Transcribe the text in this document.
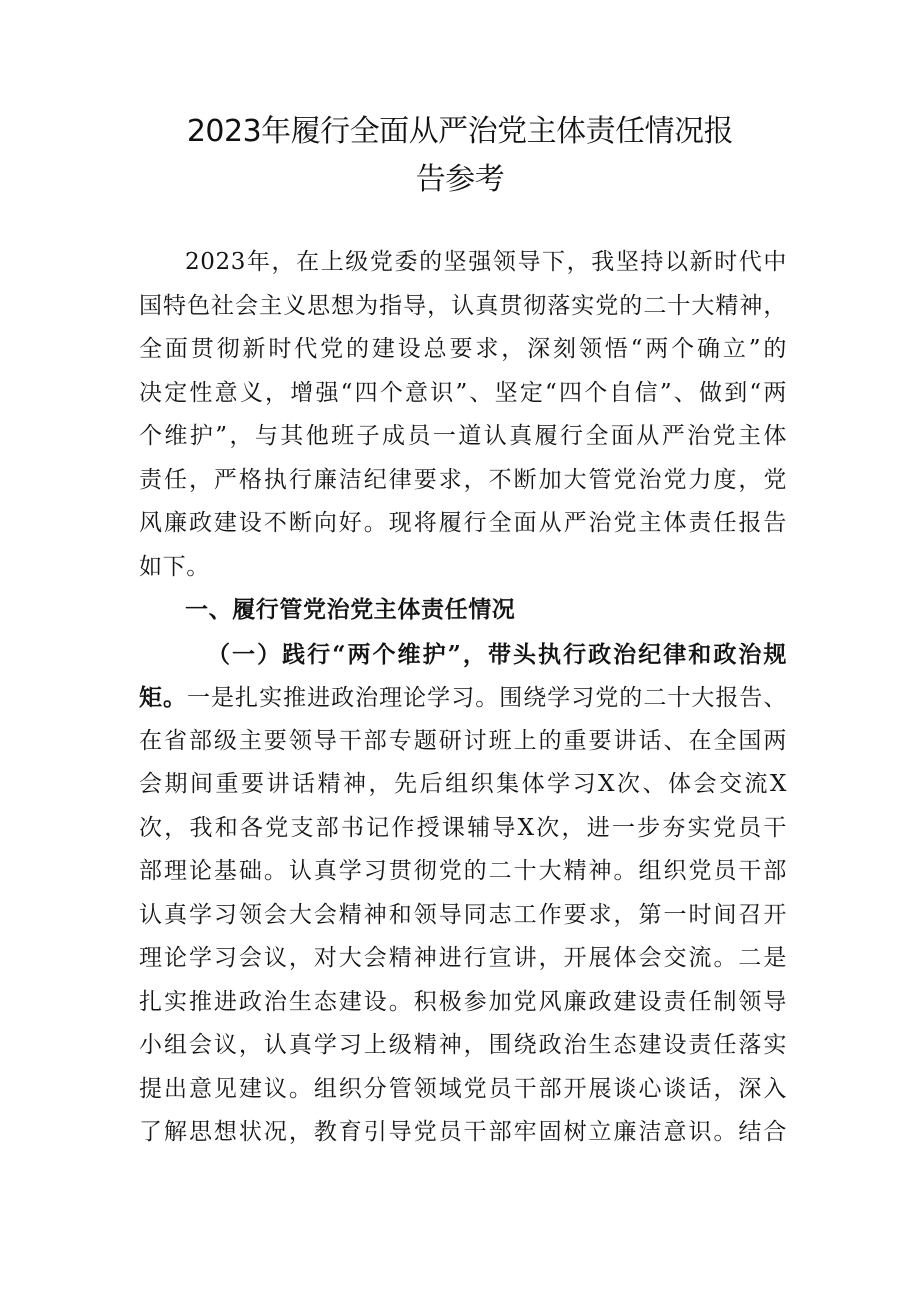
2023年履行全面从严治党主体责任情况报
告参考
2023年，在上级党委的坚强领导下，我坚持以新时代中
国特色社会主义思想为指导，认真贯彻落实党的二十大精神，
全面贯彻新时代党的建设总要求，深刻领悟“两个确立”的
决定性意义，增强“四个意识”、坚定“四个自信”、做到“两
个维护”，与其他班子成员一道认真履行全面从严治党主体
责任，严格执行廉洁纪律要求，不断加大管党治党力度，党
风廉政建设不断向好。现将履行全面从严治党主体责任报告
如下。
一、履行管党治党主体责任情况
（一）践行“两个维护”，带头执行政治纪律和政治规
矩。一是扎实推进政治理论学习。围绕学习党的二十大报告、
在省部级主要领导干部专题研讨班上的重要讲话、在全国两
会期间重要讲话精神，先后组织集体学习X次、体会交流X
次，我和各党支部书记作授课辅导X次，进一步夯实党员干
部理论基础。认真学习贯彻党的二十大精神。组织党员干部
认真学习领会大会精神和领导同志工作要求，第一时间召开
理论学习会议，对大会精神进行宣讲，开展体会交流。二是
扎实推进政治生态建设。积极参加党风廉政建设责任制领导
小组会议，认真学习上级精神，围绕政治生态建设责任落实
提出意见建议。组织分管领域党员干部开展谈心谈话，深入
了解思想状况，教育引导党员干部牢固树立廉洁意识。结合
